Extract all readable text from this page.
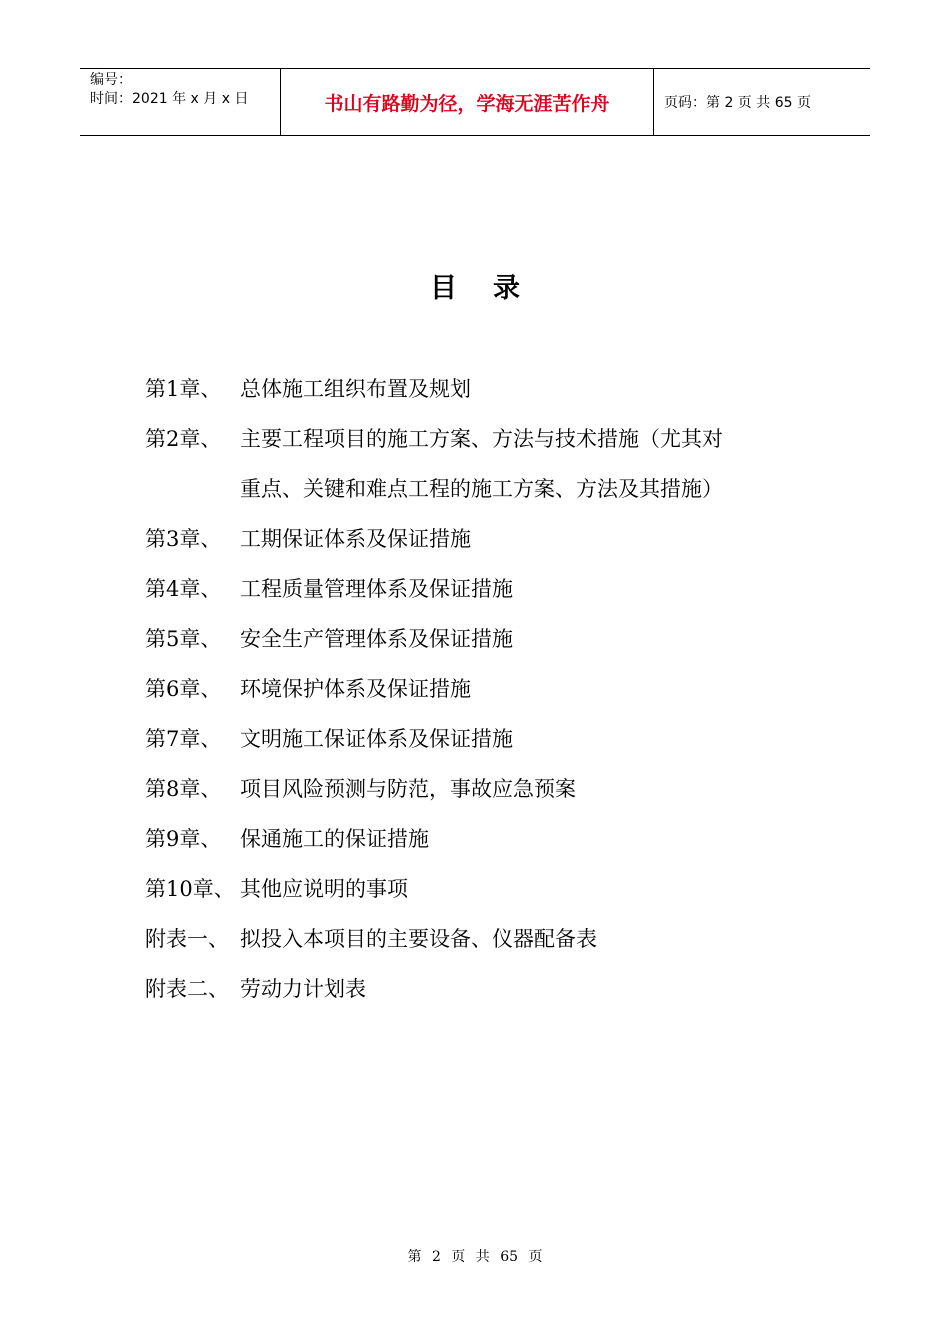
编号：
时间：2021 年 x 月 x 日	书山有路勤为径，学海无涯苦作舟	页码：第 2 页 共 65 页
目录
第1章、 总体施工组织布置及规划
第2章、 主要工程项目的施工方案、方法与技术措施（尤其对
重点、关键和难点工程的施工方案、方法及其措施）
第3章、 工期保证体系及保证措施
第4章、 工程质量管理体系及保证措施
第5章、 安全生产管理体系及保证措施
第6章、 环境保护体系及保证措施
第7章、 文明施工保证体系及保证措施
第8章、 项目风险预测与防范，事故应急预案
第9章、 保通施工的保证措施
第10章、 其他应说明的事项
附表一、 拟投入本项目的主要设备、仪器配备表
附表二、 劳动力计划表
第 2 页 共 65 页
